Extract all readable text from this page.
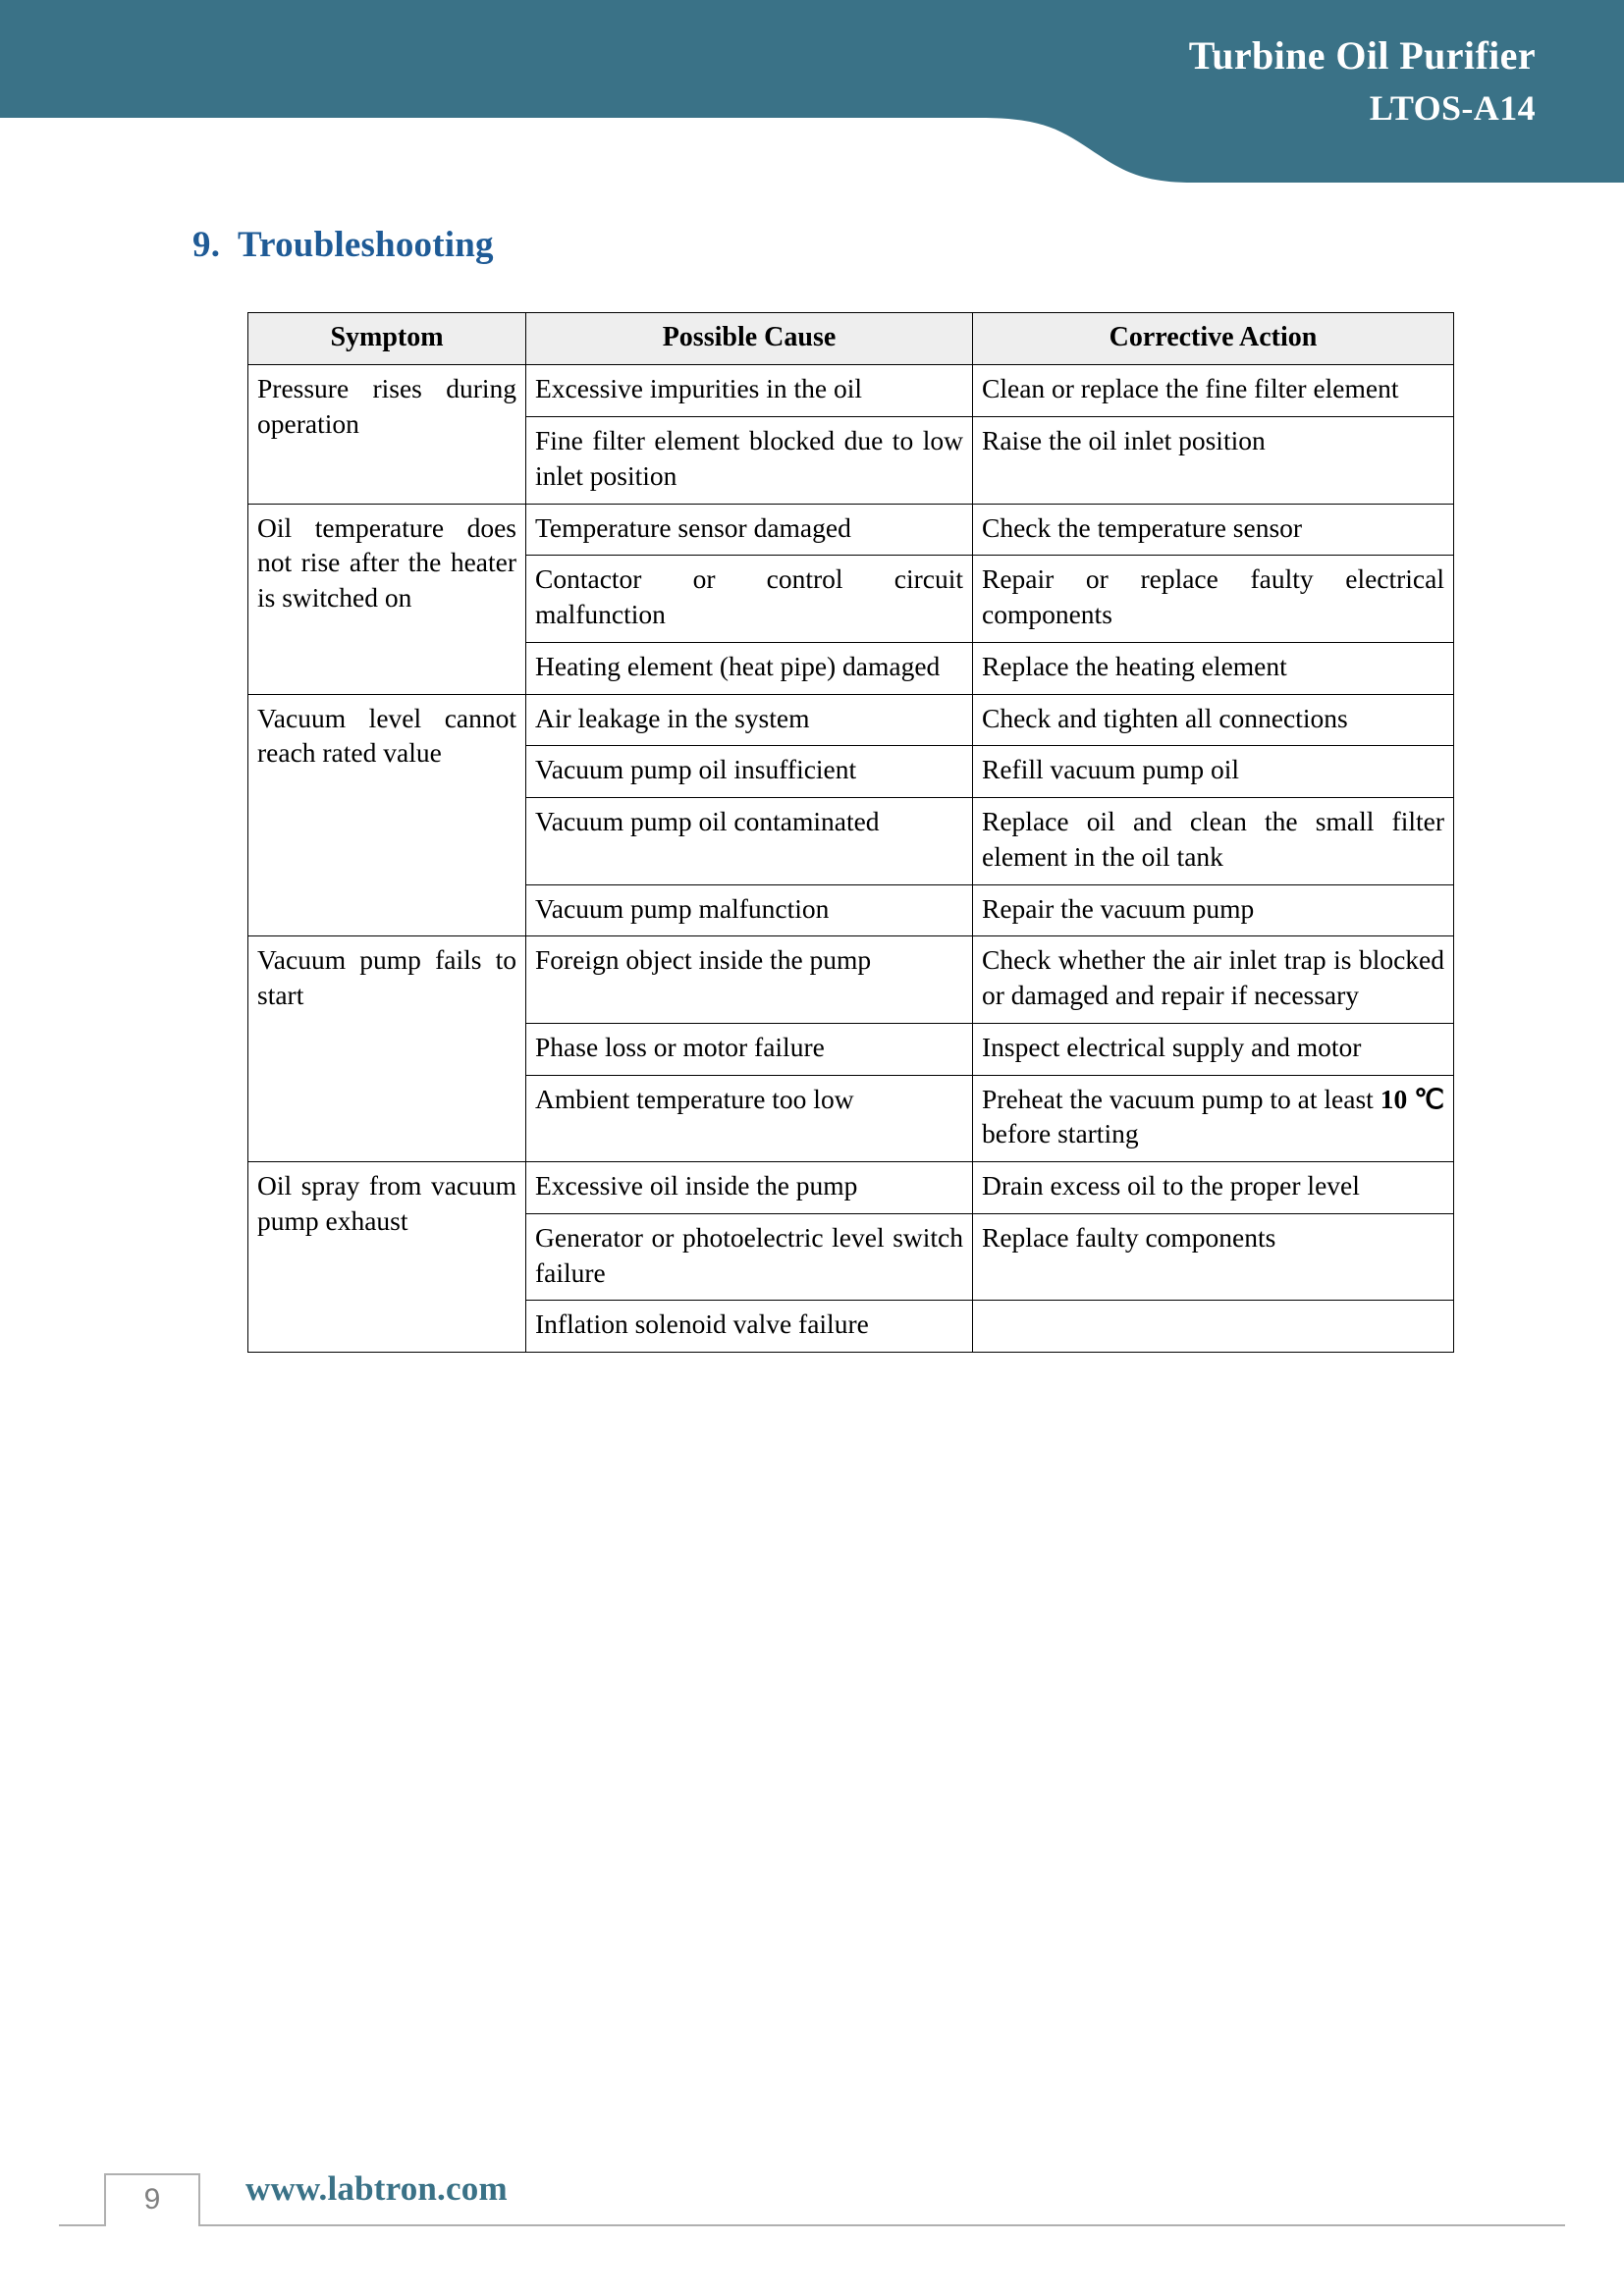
Turbine Oil Purifier
LTOS-A14
9. Troubleshooting
Symptom	Possible Cause	Corrective Action
Pressure rises during operation	Excessive impurities in the oil	Clean or replace the fine filter element
	Fine filter element blocked due to low inlet position	Raise the oil inlet position
Oil temperature does not rise after the heater is switched on	Temperature sensor damaged	Check the temperature sensor
	Contactor or control circuit malfunction	Repair or replace faulty electrical components
	Heating element (heat pipe) damaged	Replace the heating element
Vacuum level cannot reach rated value	Air leakage in the system	Check and tighten all connections
	Vacuum pump oil insufficient	Refill vacuum pump oil
	Vacuum pump oil contaminated	Replace oil and clean the small filter element in the oil tank
	Vacuum pump malfunction	Repair the vacuum pump
Vacuum pump fails to start	Foreign object inside the pump	Check whether the air inlet trap is blocked or damaged and repair if necessary
	Phase loss or motor failure	Inspect electrical supply and motor
	Ambient temperature too low	Preheat the vacuum pump to at least 10 ℃ before starting
Oil spray from vacuum pump exhaust	Excessive oil inside the pump	Drain excess oil to the proper level
	Generator or photoelectric level switch failure	Replace faulty components
	Inflation solenoid valve failure	
9	www.labtron.com
